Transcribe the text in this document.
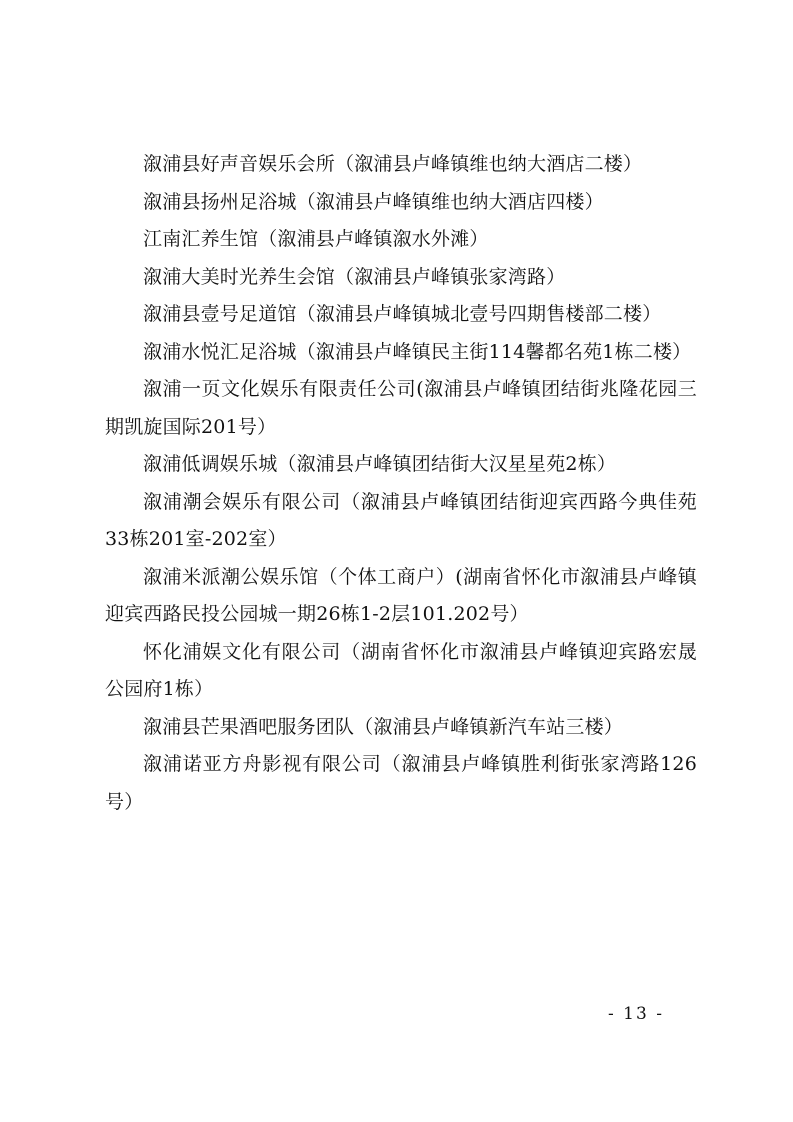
溆浦县好声音娱乐会所（溆浦县卢峰镇维也纳大酒店二楼）

溆浦县扬州足浴城（溆浦县卢峰镇维也纳大酒店四楼）

江南汇养生馆（溆浦县卢峰镇溆水外滩）

溆浦大美时光养生会馆（溆浦县卢峰镇张家湾路）

溆浦县壹号足道馆（溆浦县卢峰镇城北壹号四期售楼部二楼）

溆浦水悦汇足浴城（溆浦县卢峰镇民主街114馨都名苑1栋二楼）

溆浦一页文化娱乐有限责任公司(溆浦县卢峰镇团结街兆隆花园三期凯旋国际201号）

溆浦低调娱乐城（溆浦县卢峰镇团结街大汉星星苑2栋）

溆浦潮会娱乐有限公司（溆浦县卢峰镇团结街迎宾西路今典佳苑33栋201室-202室）

溆浦米派潮公娱乐馆（个体工商户）(湖南省怀化市溆浦县卢峰镇迎宾西路民投公园城一期26栋1-2层101.202号）

怀化浦娱文化有限公司（湖南省怀化市溆浦县卢峰镇迎宾路宏晟公园府1栋）

溆浦县芒果酒吧服务团队（溆浦县卢峰镇新汽车站三楼）

溆浦诺亚方舟影视有限公司（溆浦县卢峰镇胜利街张家湾路126号）

- 13 -
